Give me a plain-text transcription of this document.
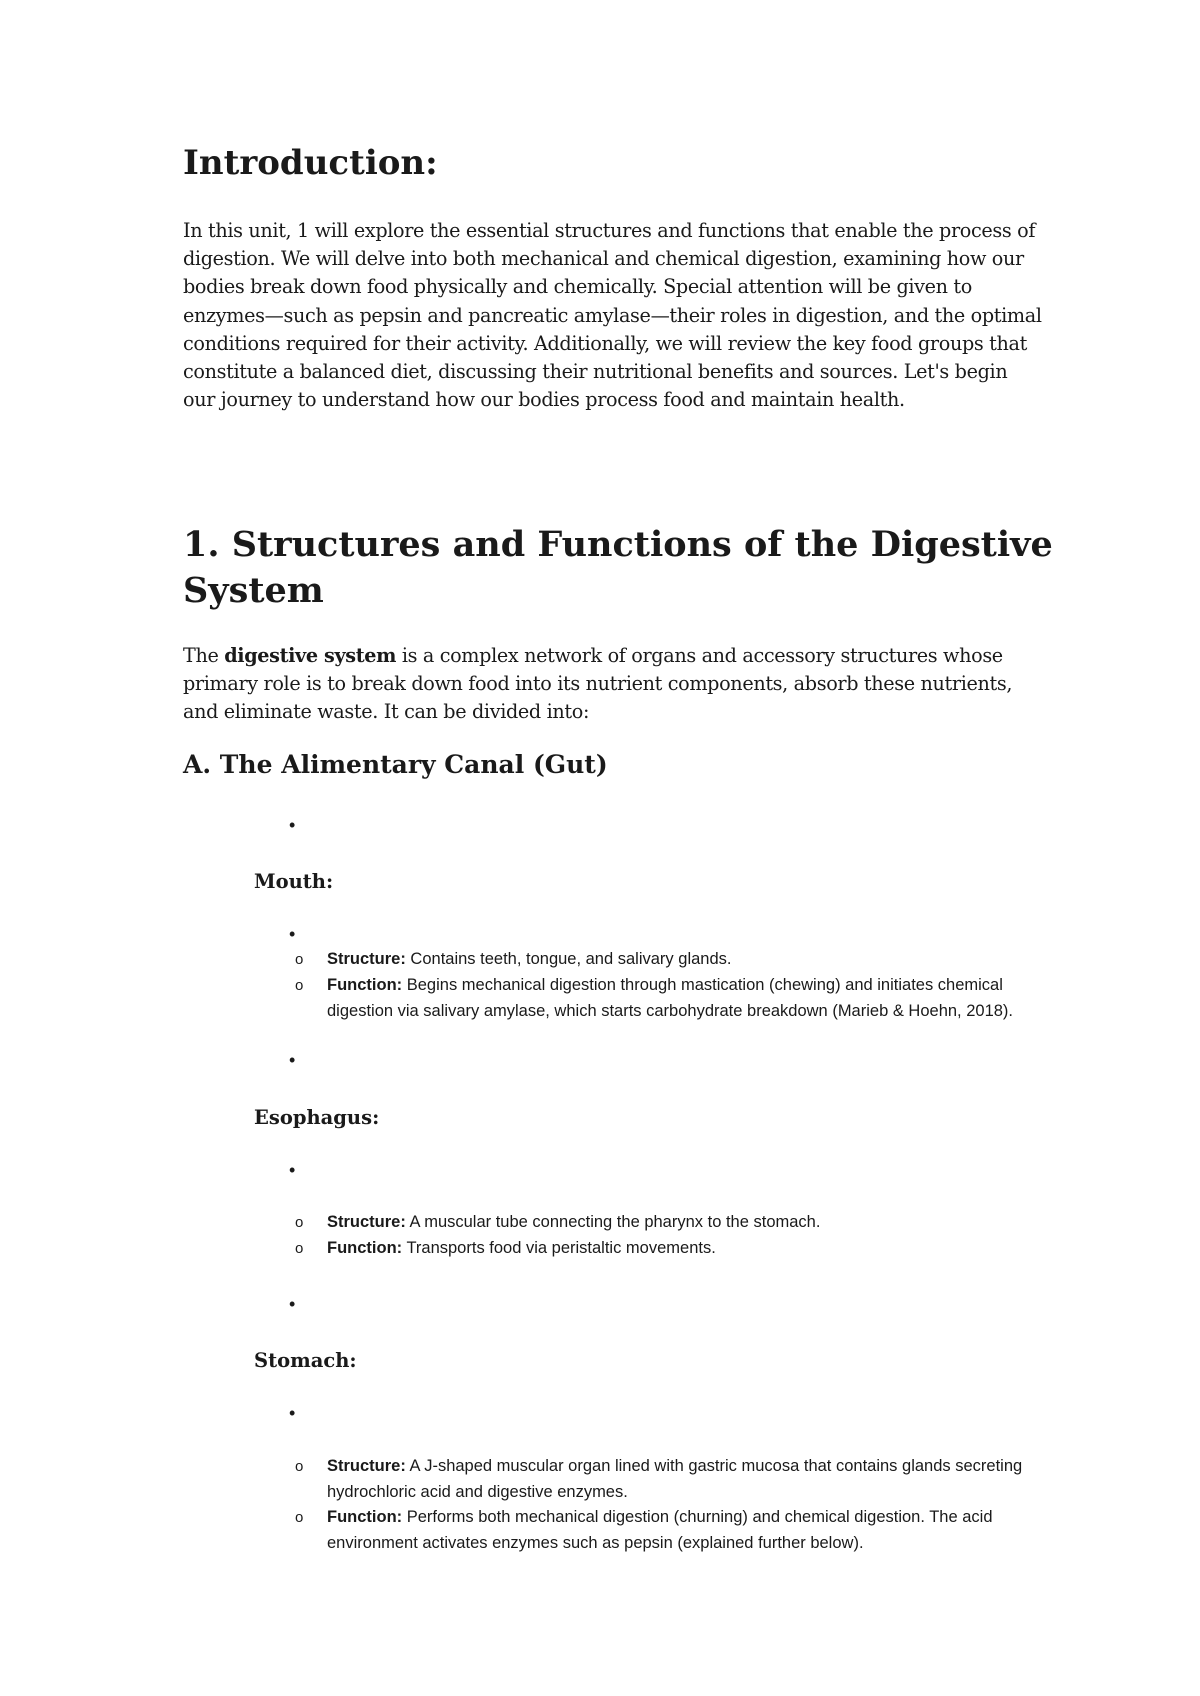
Introduction:

In this unit, 1 will explore the essential structures and functions that enable the process of digestion. We will delve into both mechanical and chemical digestion, examining how our bodies break down food physically and chemically. Special attention will be given to enzymes—such as pepsin and pancreatic amylase—their roles in digestion, and the optimal conditions required for their activity. Additionally, we will review the key food groups that constitute a balanced diet, discussing their nutritional benefits and sources. Let's begin our journey to understand how our bodies process food and maintain health.

1. Structures and Functions of the Digestive System

The digestive system is a complex network of organs and accessory structures whose primary role is to break down food into its nutrient components, absorb these nutrients, and eliminate waste. It can be divided into:

A. The Alimentary Canal (Gut)
•

Mouth:

•
o Structure: Contains teeth, tongue, and salivary glands.
o Function: Begins mechanical digestion through mastication (chewing) and initiates chemical digestion via salivary amylase, which starts carbohydrate breakdown (Marieb & Hoehn, 2018).
•

Esophagus:

•
o Structure: A muscular tube connecting the pharynx to the stomach.
o Function: Transports food via peristaltic movements.
•

Stomach:

•
o Structure: A J-shaped muscular organ lined with gastric mucosa that contains glands secreting hydrochloric acid and digestive enzymes.
o Function: Performs both mechanical digestion (churning) and chemical digestion. The acid environment activates enzymes such as pepsin (explained further below).
